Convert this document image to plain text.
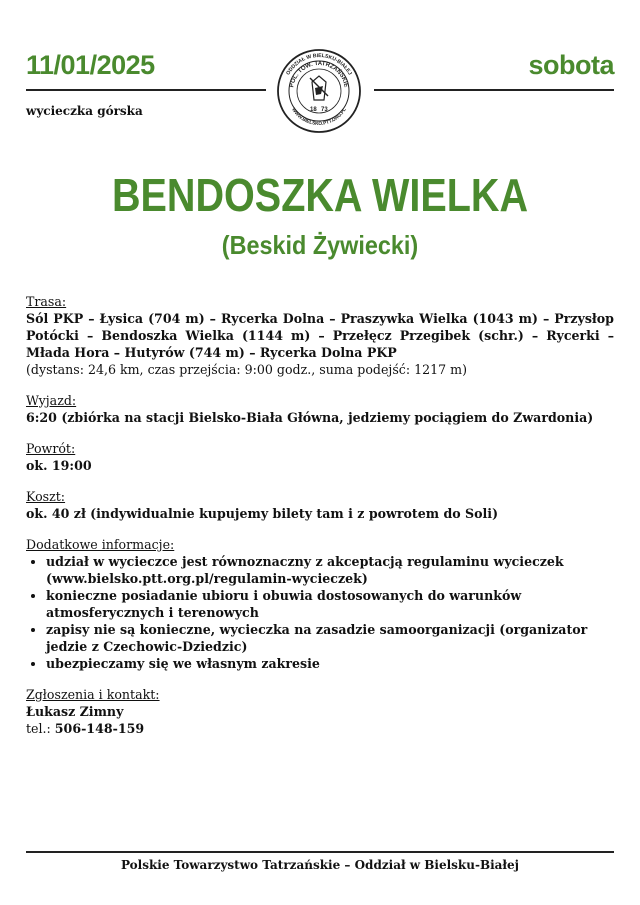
11/01/2025	sobota
wycieczka górska
ODDZIAŁ W BIELSKU-BIAŁEJ
WWW.BIELSKO.PTT.ORG.PL
POL. TOW. TATRZAŃSKIE
18 73
BENDOSZKA WIELKA
(Beskid Żywiecki)

Trasa:

Sól PKP – Łysica (704 m) – Rycerka Dolna – Praszywka Wielka (1043 m) – Przysłop Potócki – Bendoszka Wielka (1144 m) – Przełęcz Przegibek (schr.) – Rycerki – Młada Hora – Hutyrów (744 m) – Rycerka Dolna PKP

(dystans: 24,6 km, czas przejścia: 9:00 godz., suma podejść: 1217 m)

Wyjazd:

6:20 (zbiórka na stacji Bielsko-Biała Główna, jedziemy pociągiem do Zwardonia)

Powrót:

ok. 19:00

Koszt:

ok. 40 zł (indywidualnie kupujemy bilety tam i z powrotem do Soli)

Dodatkowe informacje:

• udział w wycieczce jest równoznaczny z akceptacją regulaminu wycieczek (www.bielsko.ptt.org.pl/regulamin-wycieczek)
• konieczne posiadanie ubioru i obuwia dostosowanych do warunków atmosferycznych i terenowych
• zapisy nie są konieczne, wycieczka na zasadzie samoorganizacji (organizator jedzie z Czechowic-Dziedzic)
• ubezpieczamy się we własnym zakresie

Zgłoszenia i kontakt:

Łukasz Zimny

tel.: 506-148-159

Polskie Towarzystwo Tatrzańskie – Oddział w Bielsku-Białej
